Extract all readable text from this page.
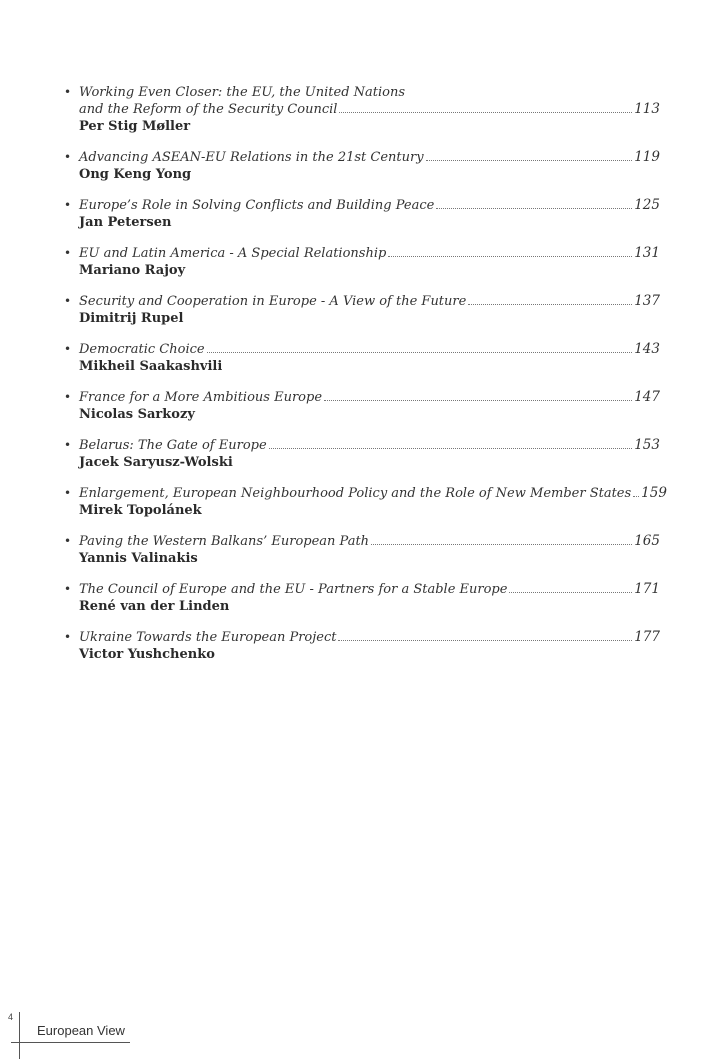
• Working Even Closer: the EU, the United Nations
and the Reform of the Security Council	113
Per Stig Møller
• Advancing ASEAN-EU Relations in the 21st Century	119
Ong Keng Yong
• Europe’s Role in Solving Conflicts and Building Peace	125
Jan Petersen
• EU and Latin America - A Special Relationship	131
Mariano Rajoy
• Security and Cooperation in Europe - A View of the Future	137
Dimitrij Rupel
• Democratic Choice	143
Mikheil Saakashvili
• France for a More Ambitious Europe	147
Nicolas Sarkozy
• Belarus: The Gate of Europe	153
Jacek Saryusz-Wolski
• Enlargement, European Neighbourhood Policy and the Role of New Member States 159
Mirek Topolánek
• Paving the Western Balkans’ European Path	165
Yannis Valinakis
• The Council of Europe and the EU - Partners for a Stable Europe	171
René van der Linden
• Ukraine Towards the European Project	177
Victor Yushchenko
4
European View
